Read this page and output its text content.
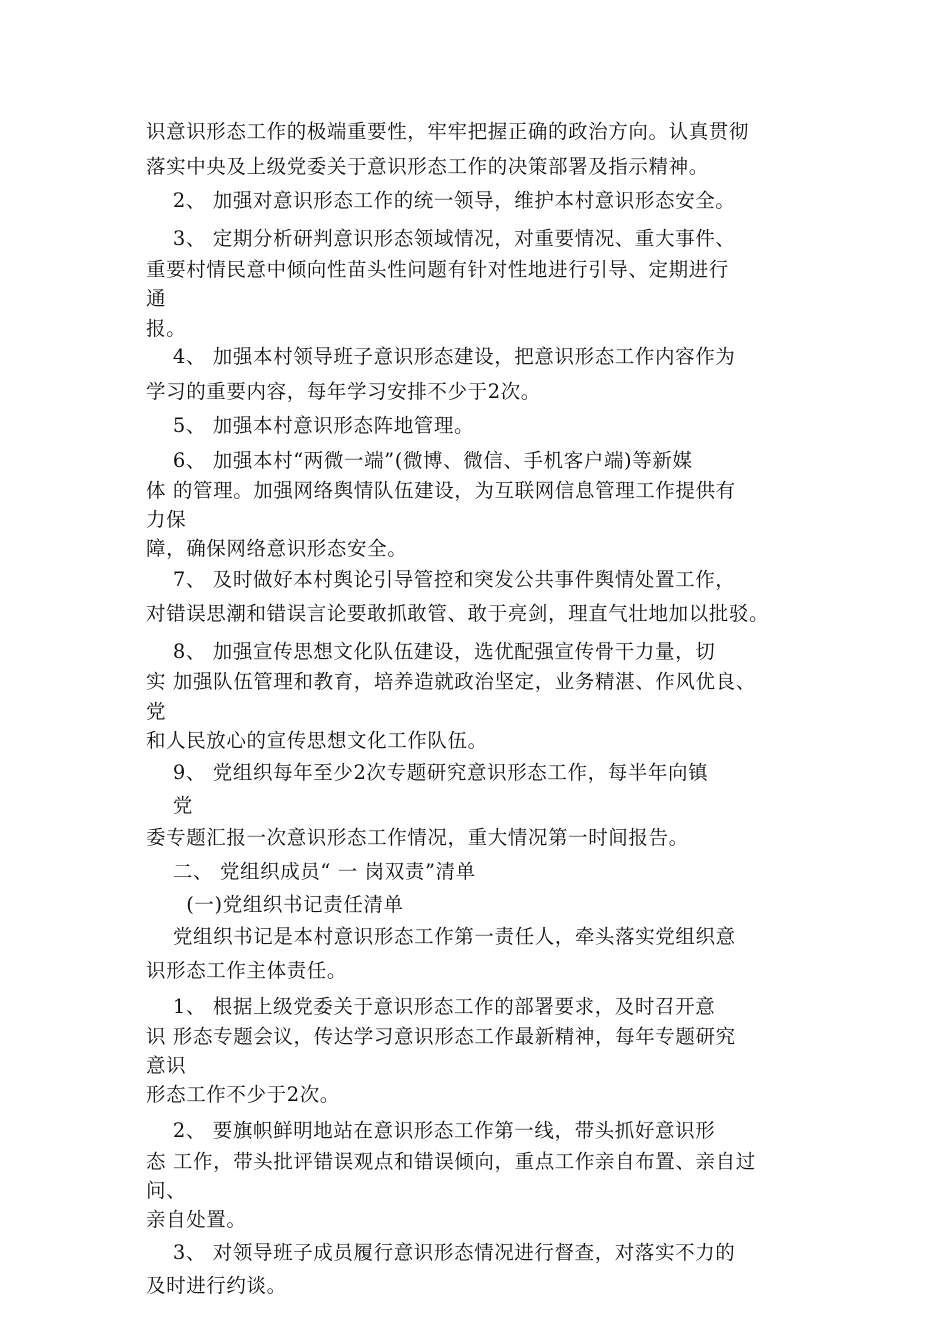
识意识形态工作的极端重要性，牢牢把握正确的政治方向。认真贯彻
落实中央及上级党委关于意识形态工作的决策部署及指示精神。
　 2、 加强对意识形态工作的统一领导，维护本村意识形态安全。
　 3、 定期分析研判意识形态领域情况，对重要情况、重大事件、
重要村情民意中倾向性苗头性问题有针对性地进行引导、定期进行
通
报。
　 4、 加强本村领导班子意识形态建设，把意识形态工作内容作为
学习的重要内容，每年学习安排不少于2次。
　 5、 加强本村意识形态阵地管理。
　 6、 加强本村“两微一端”(微博、微信、手机客户端)等新媒
体 的管理。加强网络舆情队伍建设，为互联网信息管理工作提供有
力保
障，确保网络意识形态安全。
　 7、 及时做好本村舆论引导管控和突发公共事件舆情处置工作，
对错误思潮和错误言论要敢抓敢管、敢于亮剑，理直气壮地加以批驳。
　 8、 加强宣传思想文化队伍建设，选优配强宣传骨干力量，切
实 加强队伍管理和教育，培养造就政治坚定，业务精湛、作风优良、
党
和人民放心的宣传思想文化工作队伍。
　 9、 党组织每年至少2次专题研究意识形态工作，每半年向镇
　 党
委专题汇报一次意识形态工作情况，重大情况第一时间报告。
　 二、 党组织成员“ 一 岗双责”清单
　　(一)党组织书记责任清单
　 党组织书记是本村意识形态工作第一责任人，牵头落实党组织意
识形态工作主体责任。
　 1、 根据上级党委关于意识形态工作的部署要求，及时召开意
识 形态专题会议，传达学习意识形态工作最新精神，每年专题研究
意识
形态工作不少于2次。
　 2、 要旗帜鲜明地站在意识形态工作第一线，带头抓好意识形
态 工作，带头批评错误观点和错误倾向，重点工作亲自布置、亲自过
问、
亲自处置。
　 3、 对领导班子成员履行意识形态情况进行督查，对落实不力的
及时进行约谈。
